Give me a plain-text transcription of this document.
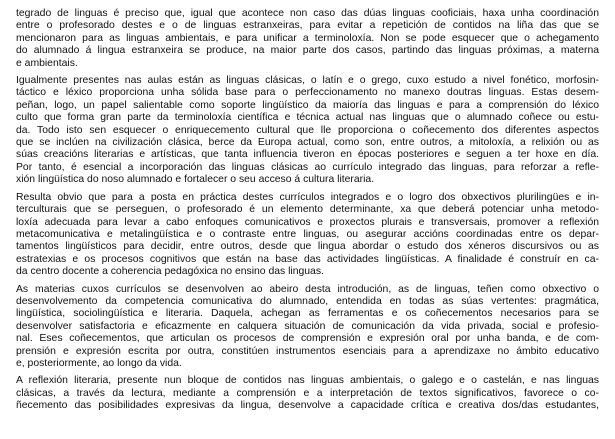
tegrado de linguas é preciso que, igual que acontece non caso das dúas linguas cooficiais, haxa unha coordinación
entre o profesorado destes e o de linguas estranxeiras, para evitar a repetición de contidos na liña das que se
mencionaron para as linguas ambientais, e para unificar a terminoloxía. Non se pode esquecer que o achegamento
do alumnado á lingua estranxeira se produce, na maior parte dos casos, partindo das linguas próximas, a materna
e ambientais.
Igualmente presentes nas aulas están as linguas clásicas, o latín e o grego, cuxo estudo a nivel fonético, morfosin-
táctico e léxico proporciona unha sólida base para o perfeccionamento no manexo doutras linguas. Estas desem-
peñan, logo, un papel salientable como soporte lingüístico da maioría das linguas e para a comprensión do léxico
culto que forma gran parte da terminoloxía científica e técnica actual nas linguas que o alumnado coñece ou estu-
da. Todo isto sen esquecer o enriquecemento cultural que lle proporciona o coñecemento dos diferentes aspectos
que se inclúen na civilización clásica, berce da Europa actual, como son, entre outros, a mitoloxía, a relixión ou as
súas creacións literarias e artísticas, que tanta influencia tiveron en épocas posteriores e seguen a ter hoxe en día.
Por tanto, é esencial a incorporación das linguas clásicas ao currículo integrado das linguas, para reforzar a refle-
xión lingüística do noso alumnado e fortalecer o seu acceso á cultura literaria.
Resulta obvio que para a posta en práctica destes currículos integrados e o logro dos obxectivos plurilingües e in-
terculturais que se perseguen, o profesorado é un elemento determinante, xa que deberá potenciar unha metodo-
loxía adecuada para levar a cabo enfoques comunicativos e proxectos plurais e transversais, promover a reflexión
metacomunicativa e metalingüística e o contraste entre linguas, ou asegurar accións coordinadas entre os depar-
tamentos lingüísticos para decidir, entre outros, desde que lingua abordar o estudo dos xéneros discursivos ou as
estratexias e os procesos cognitivos que están na base das actividades lingüísticas. A finalidade é construír en ca-
da centro docente a coherencia pedagóxica no ensino das linguas.
As materias cuxos currículos se desenvolven ao abeiro desta introdución, as de linguas, teñen como obxectivo o
desenvolvemento da competencia comunicativa do alumnado, entendida en todas as súas vertentes: pragmática,
lingüística, sociolingüística e literaria. Daquela, achegan as ferramentas e os coñecementos necesarios para se
desenvolver satisfactoria e eficazmente en calquera situación de comunicación da vida privada, social e profesio-
nal. Eses coñecementos, que articulan os procesos de comprensión e expresión oral por unha banda, e de com-
prensión e expresión escrita por outra, constitúen instrumentos esenciais para a aprendizaxe no ámbito educativo
e, posteriormente, ao longo da vida.
A reflexión literaria, presente nun bloque de contidos nas linguas ambientais, o galego e o castelán, e nas linguas
clásicas, a través da lectura, mediante a comprensión e a interpretación de textos significativos, favorece o co-
ñecemento das posibilidades expresivas da lingua, desenvolve a capacidade crítica e creativa dos/das estudantes,
